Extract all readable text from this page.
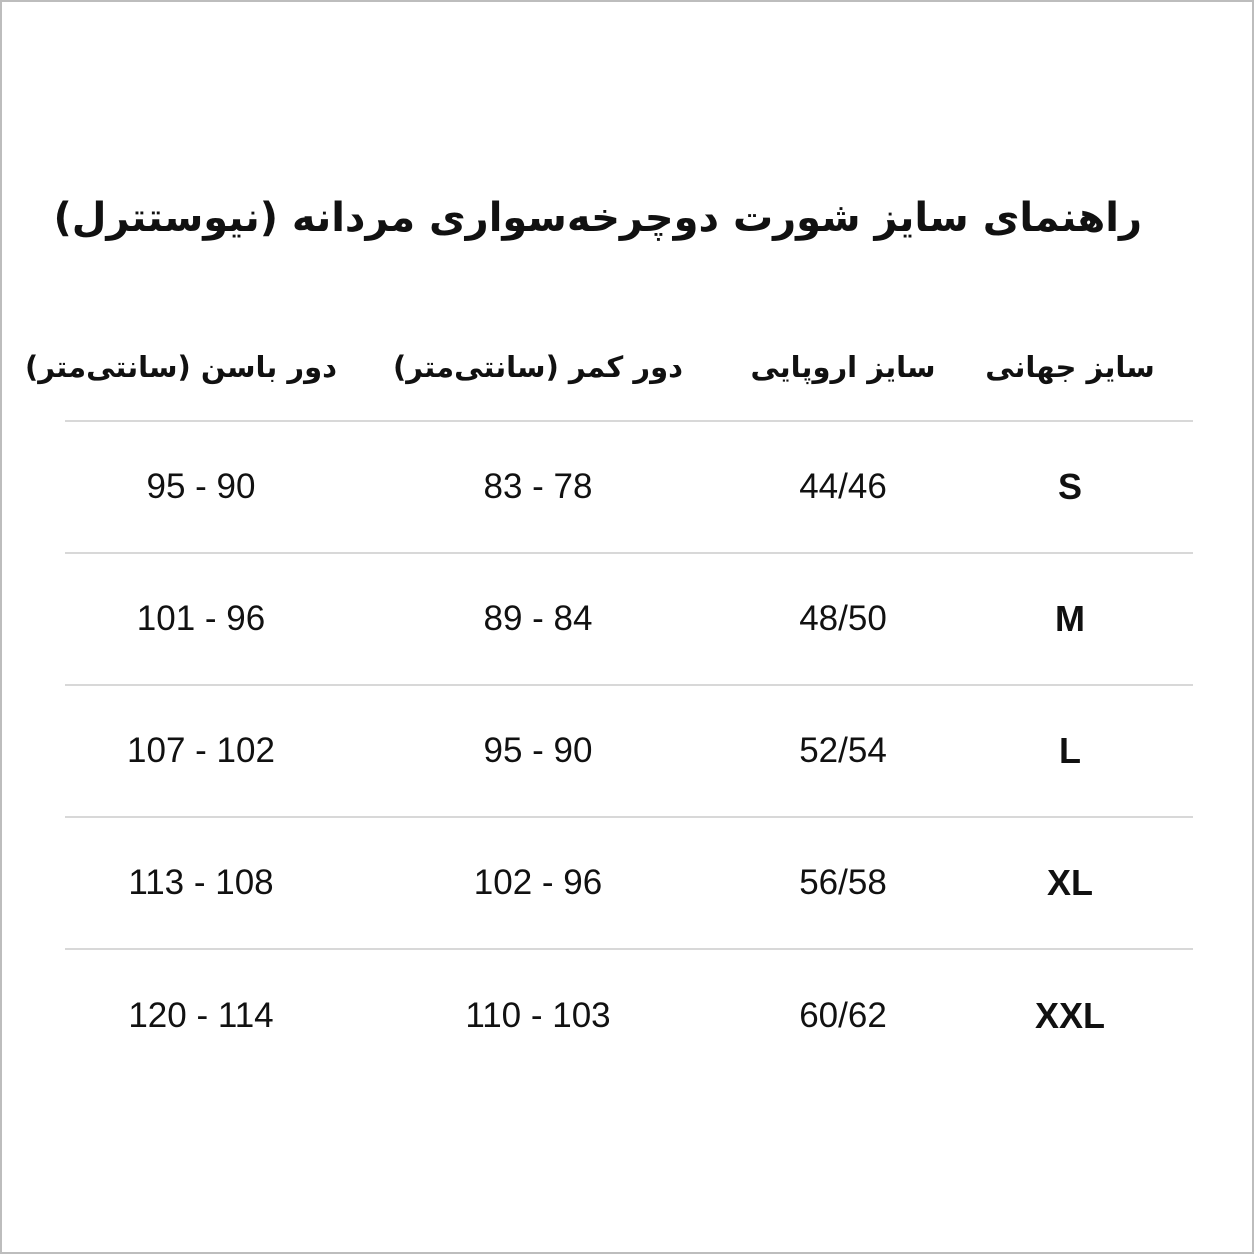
راهنمای سایز شورت دوچرخه‌سواری مردانه (نیوستترل)
دور باسن (سانتی‌متر)	دور کمر (سانتی‌متر)	سایز اروپایی	سایز جهانی
95 - 90	83 - 78	44/46	S
101 - 96	89 - 84	48/50	M
107 - 102	95 - 90	52/54	L
113 - 108	102 - 96	56/58	XL
120 - 114	110 - 103	60/62	XXL
